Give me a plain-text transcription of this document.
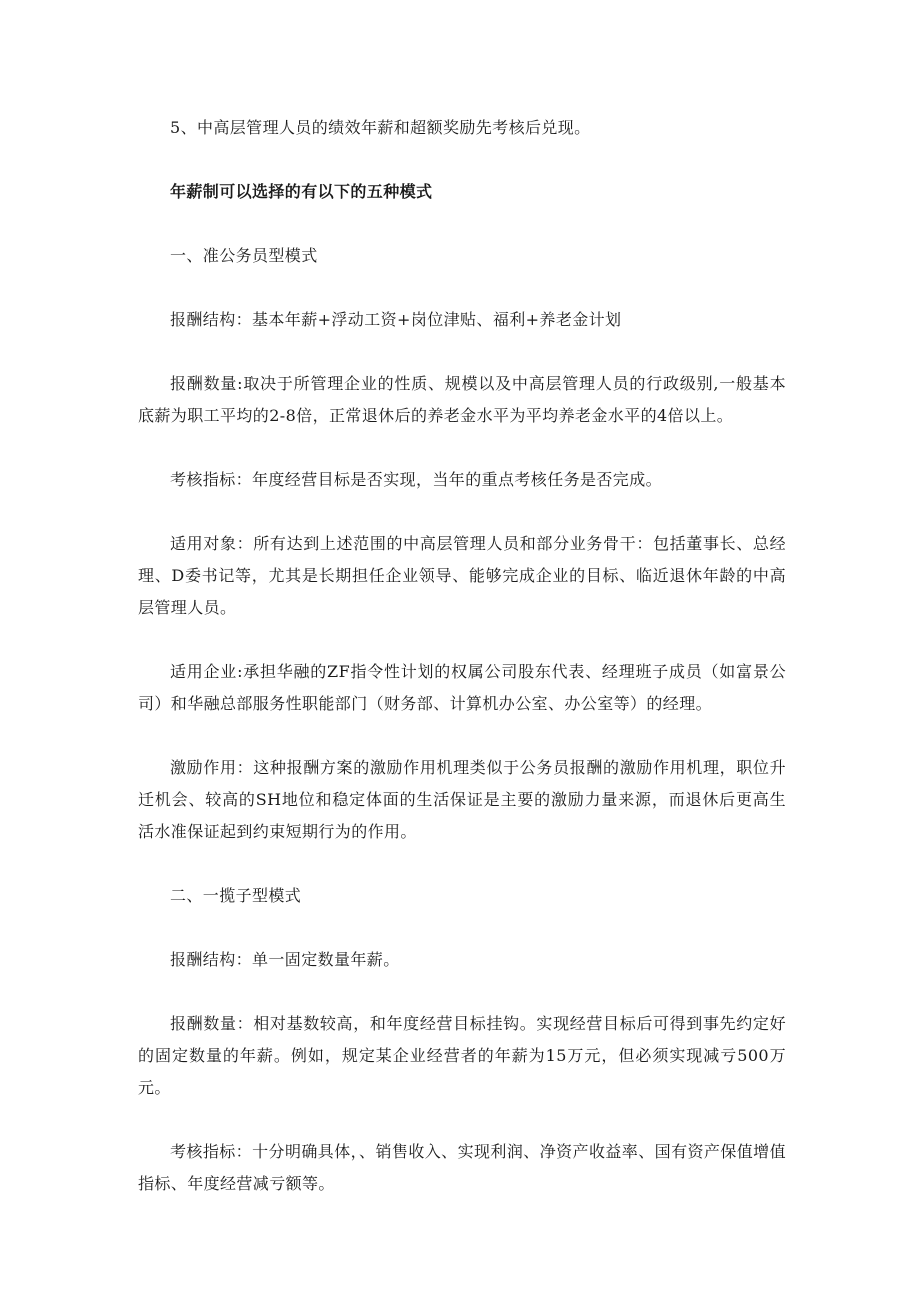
5、中高层管理人员的绩效年薪和超额奖励先考核后兑现。

年薪制可以选择的有以下的五种模式

一、准公务员型模式

报酬结构：基本年薪+浮动工资+岗位津贴、福利+养老金计划

报酬数量:取决于所管理企业的性质、规模以及中高层管理人员的行政级别,一般基本底薪为职工平均的2-8倍，正常退休后的养老金水平为平均养老金水平的4倍以上。

考核指标：年度经营目标是否实现，当年的重点考核任务是否完成。

适用对象：所有达到上述范围的中高层管理人员和部分业务骨干：包括董事长、总经理、D委书记等，尤其是长期担任企业领导、能够完成企业的目标、临近退休年龄的中高层管理人员。

适用企业:承担华融的ZF指令性计划的权属公司股东代表、经理班子成员（如富景公司）和华融总部服务性职能部门（财务部、计算机办公室、办公室等）的经理。

激励作用：这种报酬方案的激励作用机理类似于公务员报酬的激励作用机理，职位升迁机会、较高的SH地位和稳定体面的生活保证是主要的激励力量来源，而退休后更高生活水准保证起到约束短期行为的作用。

二、一揽子型模式

报酬结构：单一固定数量年薪。

报酬数量：相对基数较高，和年度经营目标挂钩。实现经营目标后可得到事先约定好的固定数量的年薪。例如，规定某企业经营者的年薪为15万元，但必须实现减亏500万元。

考核指标：十分明确具体，、销售收入、实现利润、净资产收益率、国有资产保值增值指标、年度经营减亏额等。
